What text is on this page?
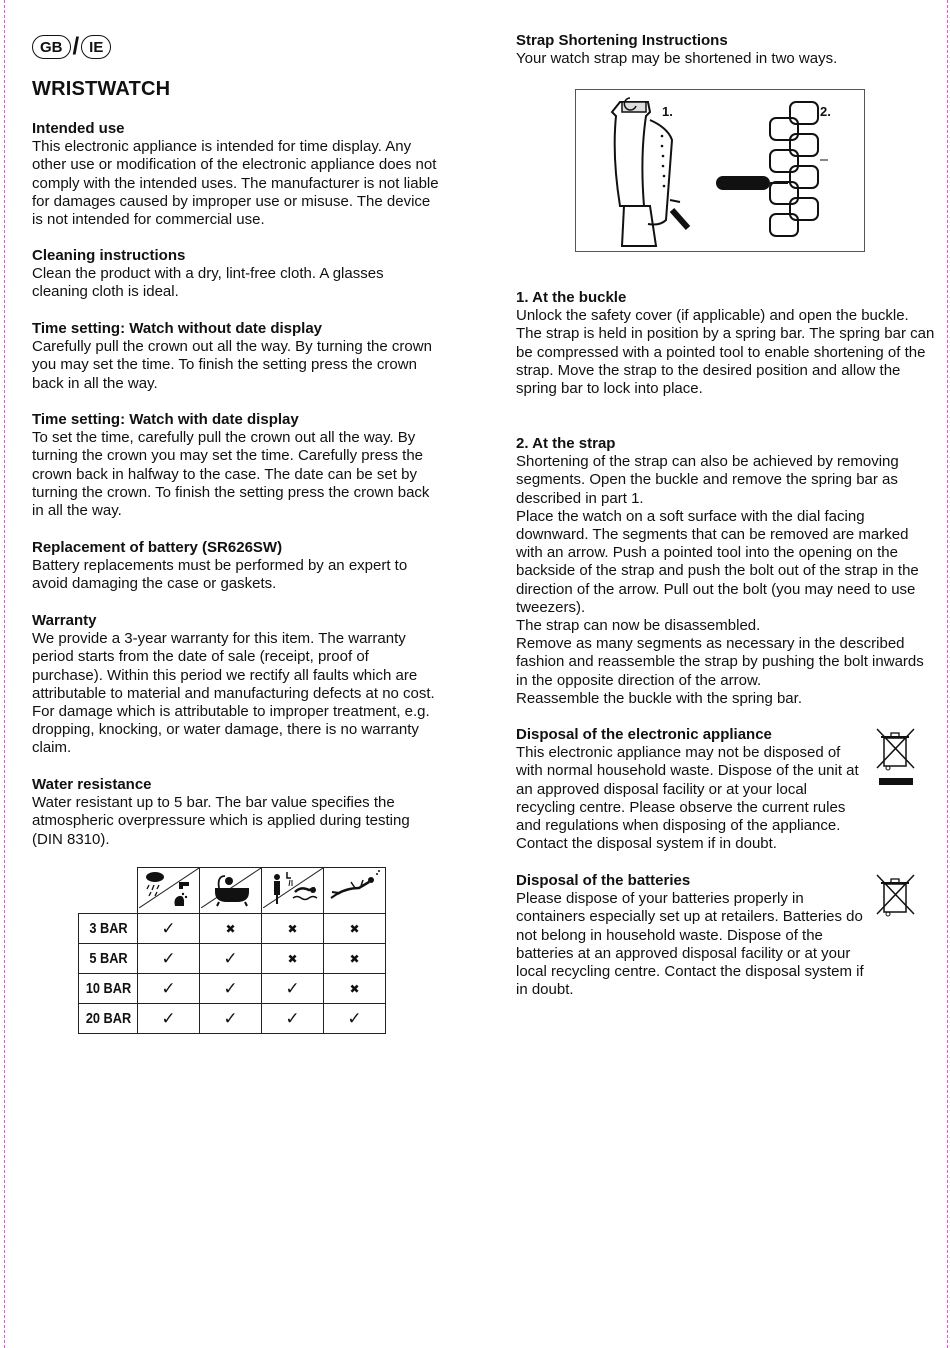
GB / IE
WRISTWATCH
Intended use

This electronic appliance is intended for time display. Any other use or modification of the electronic appliance does not comply with the intended uses. The manufacturer is not liable for damages caused by improper use or misuse. The device is not intended for commercial use.

Cleaning instructions

Clean the product with a dry, lint-free cloth. A glasses cleaning cloth is ideal.

Time setting: Watch without date display

Carefully pull the crown out all the way. By turning the crown you may set the time. To finish the setting press the crown back in all the way.

Time setting: Watch with date display

To set the time, carefully pull the crown out all the way. By turning the crown you may set the time. Carefully press the crown back in halfway to the case. The date can be set by turning the crown. To finish the setting press the crown back in all the way.

Replacement of battery (SR626SW)

Battery replacements must be performed by an expert to avoid damaging the case or gaskets.

Warranty

We provide a 3-year warranty for this item. The warranty period starts from the date of sale (receipt, proof of purchase). Within this period we rectify all faults which are attributable to material and manufacturing defects at no cost. For damage which is attributable to improper treatment, e.g. dropping, knocking, or water damage, there is no warranty claim.

Water resistance

Water resistant up to 5 bar. The bar value specifies the atmospheric overpressure which is applied during testing (DIN 8310).

3 BAR	✓	✖	✖	✖
5 BAR	✓	✓	✖	✖
10 BAR	✓	✓	✓	✖
20 BAR	✓	✓	✓	✓
Strap Shortening Instructions

Your watch strap may be shortened in two ways.

1.	2.
1. At the buckle

Unlock the safety cover (if applicable) and open the buckle. The strap is held in position by a spring bar. The spring bar can be compressed with a pointed tool to enable shortening of the strap. Move the strap to the desired position and allow the spring bar to lock into place.

2. At the strap

Shortening of the strap can also be achieved by removing segments. Open the buckle and remove the spring bar as described in part 1.
Place the watch on a soft surface with the dial facing downward. The segments that can be removed are marked with an arrow. Push a pointed tool into the opening on the backside of the strap and push the bolt out of the strap in the direction of the arrow. Pull out the bolt (you may need to use tweezers).
The strap can now be disassembled.
Remove as many segments as necessary in the described fashion and reassemble the strap by pushing the bolt inwards in the opposite direction of the arrow.
Reassemble the buckle with the spring bar.

Disposal of the electronic appliance

This electronic appliance may not be disposed of with normal household waste. Dispose of the unit at an approved disposal facility or at your local recycling centre. Please observe the current rules and regulations when disposing of the appliance. Contact the disposal system if in doubt.

Disposal of the batteries

Please dispose of your batteries properly in containers especially set up at retailers. Batteries do not belong in household waste. Dispose of the batteries at an approved disposal facility or at your local recycling centre. Contact the disposal system if in doubt.
